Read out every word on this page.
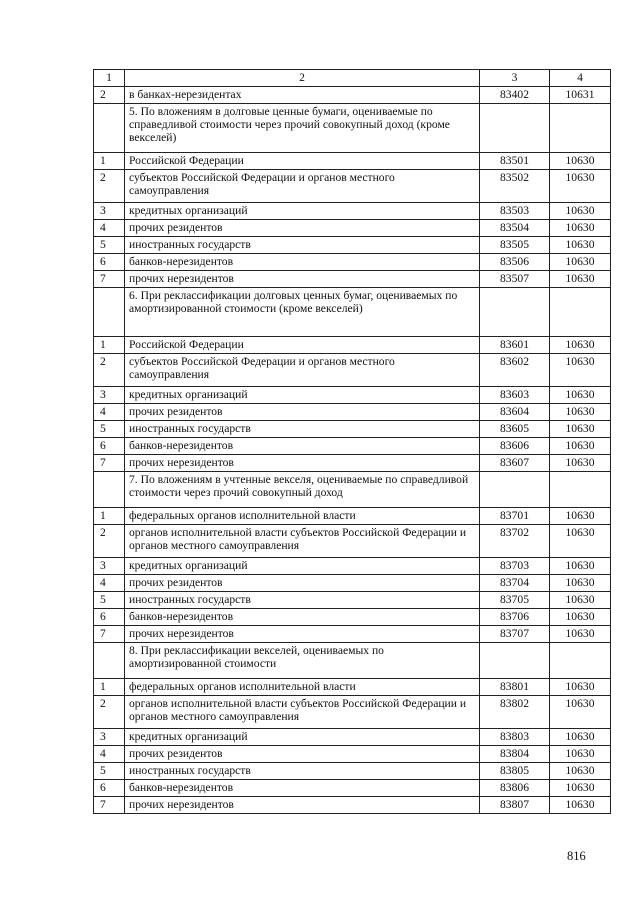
1	2	3	4
2	в банках-нерезидентах	83402	10631
	5. По вложениям в долговые ценные бумаги, оцениваемые по справедливой стоимости через прочий совокупный доход (кроме векселей)		
1	Российской Федерации	83501	10630
2	субъектов Российской Федерации и органов местного самоуправления	83502	10630
3	кредитных организаций	83503	10630
4	прочих резидентов	83504	10630
5	иностранных государств	83505	10630
6	банков-нерезидентов	83506	10630
7	прочих нерезидентов	83507	10630
	6. При реклассификации долговых ценных бумаг, оцениваемых по амортизированной стоимости (кроме векселей)		
1	Российской Федерации	83601	10630
2	субъектов Российской Федерации и органов местного самоуправления	83602	10630
3	кредитных организаций	83603	10630
4	прочих резидентов	83604	10630
5	иностранных государств	83605	10630
6	банков-нерезидентов	83606	10630
7	прочих нерезидентов	83607	10630
	7. По вложениям в учтенные векселя, оцениваемые по справедливой стоимости через прочий совокупный доход		
1	федеральных органов исполнительной власти	83701	10630
2	органов исполнительной власти субъектов Российской Федерации и органов местного самоуправления	83702	10630
3	кредитных организаций	83703	10630
4	прочих резидентов	83704	10630
5	иностранных государств	83705	10630
6	банков-нерезидентов	83706	10630
7	прочих нерезидентов	83707	10630
	8. При реклассификации векселей, оцениваемых по амортизированной стоимости		
1	федеральных органов исполнительной власти	83801	10630
2	органов исполнительной власти субъектов Российской Федерации и органов местного самоуправления	83802	10630
3	кредитных организаций	83803	10630
4	прочих резидентов	83804	10630
5	иностранных государств	83805	10630
6	банков-нерезидентов	83806	10630
7	прочих нерезидентов	83807	10630
816
